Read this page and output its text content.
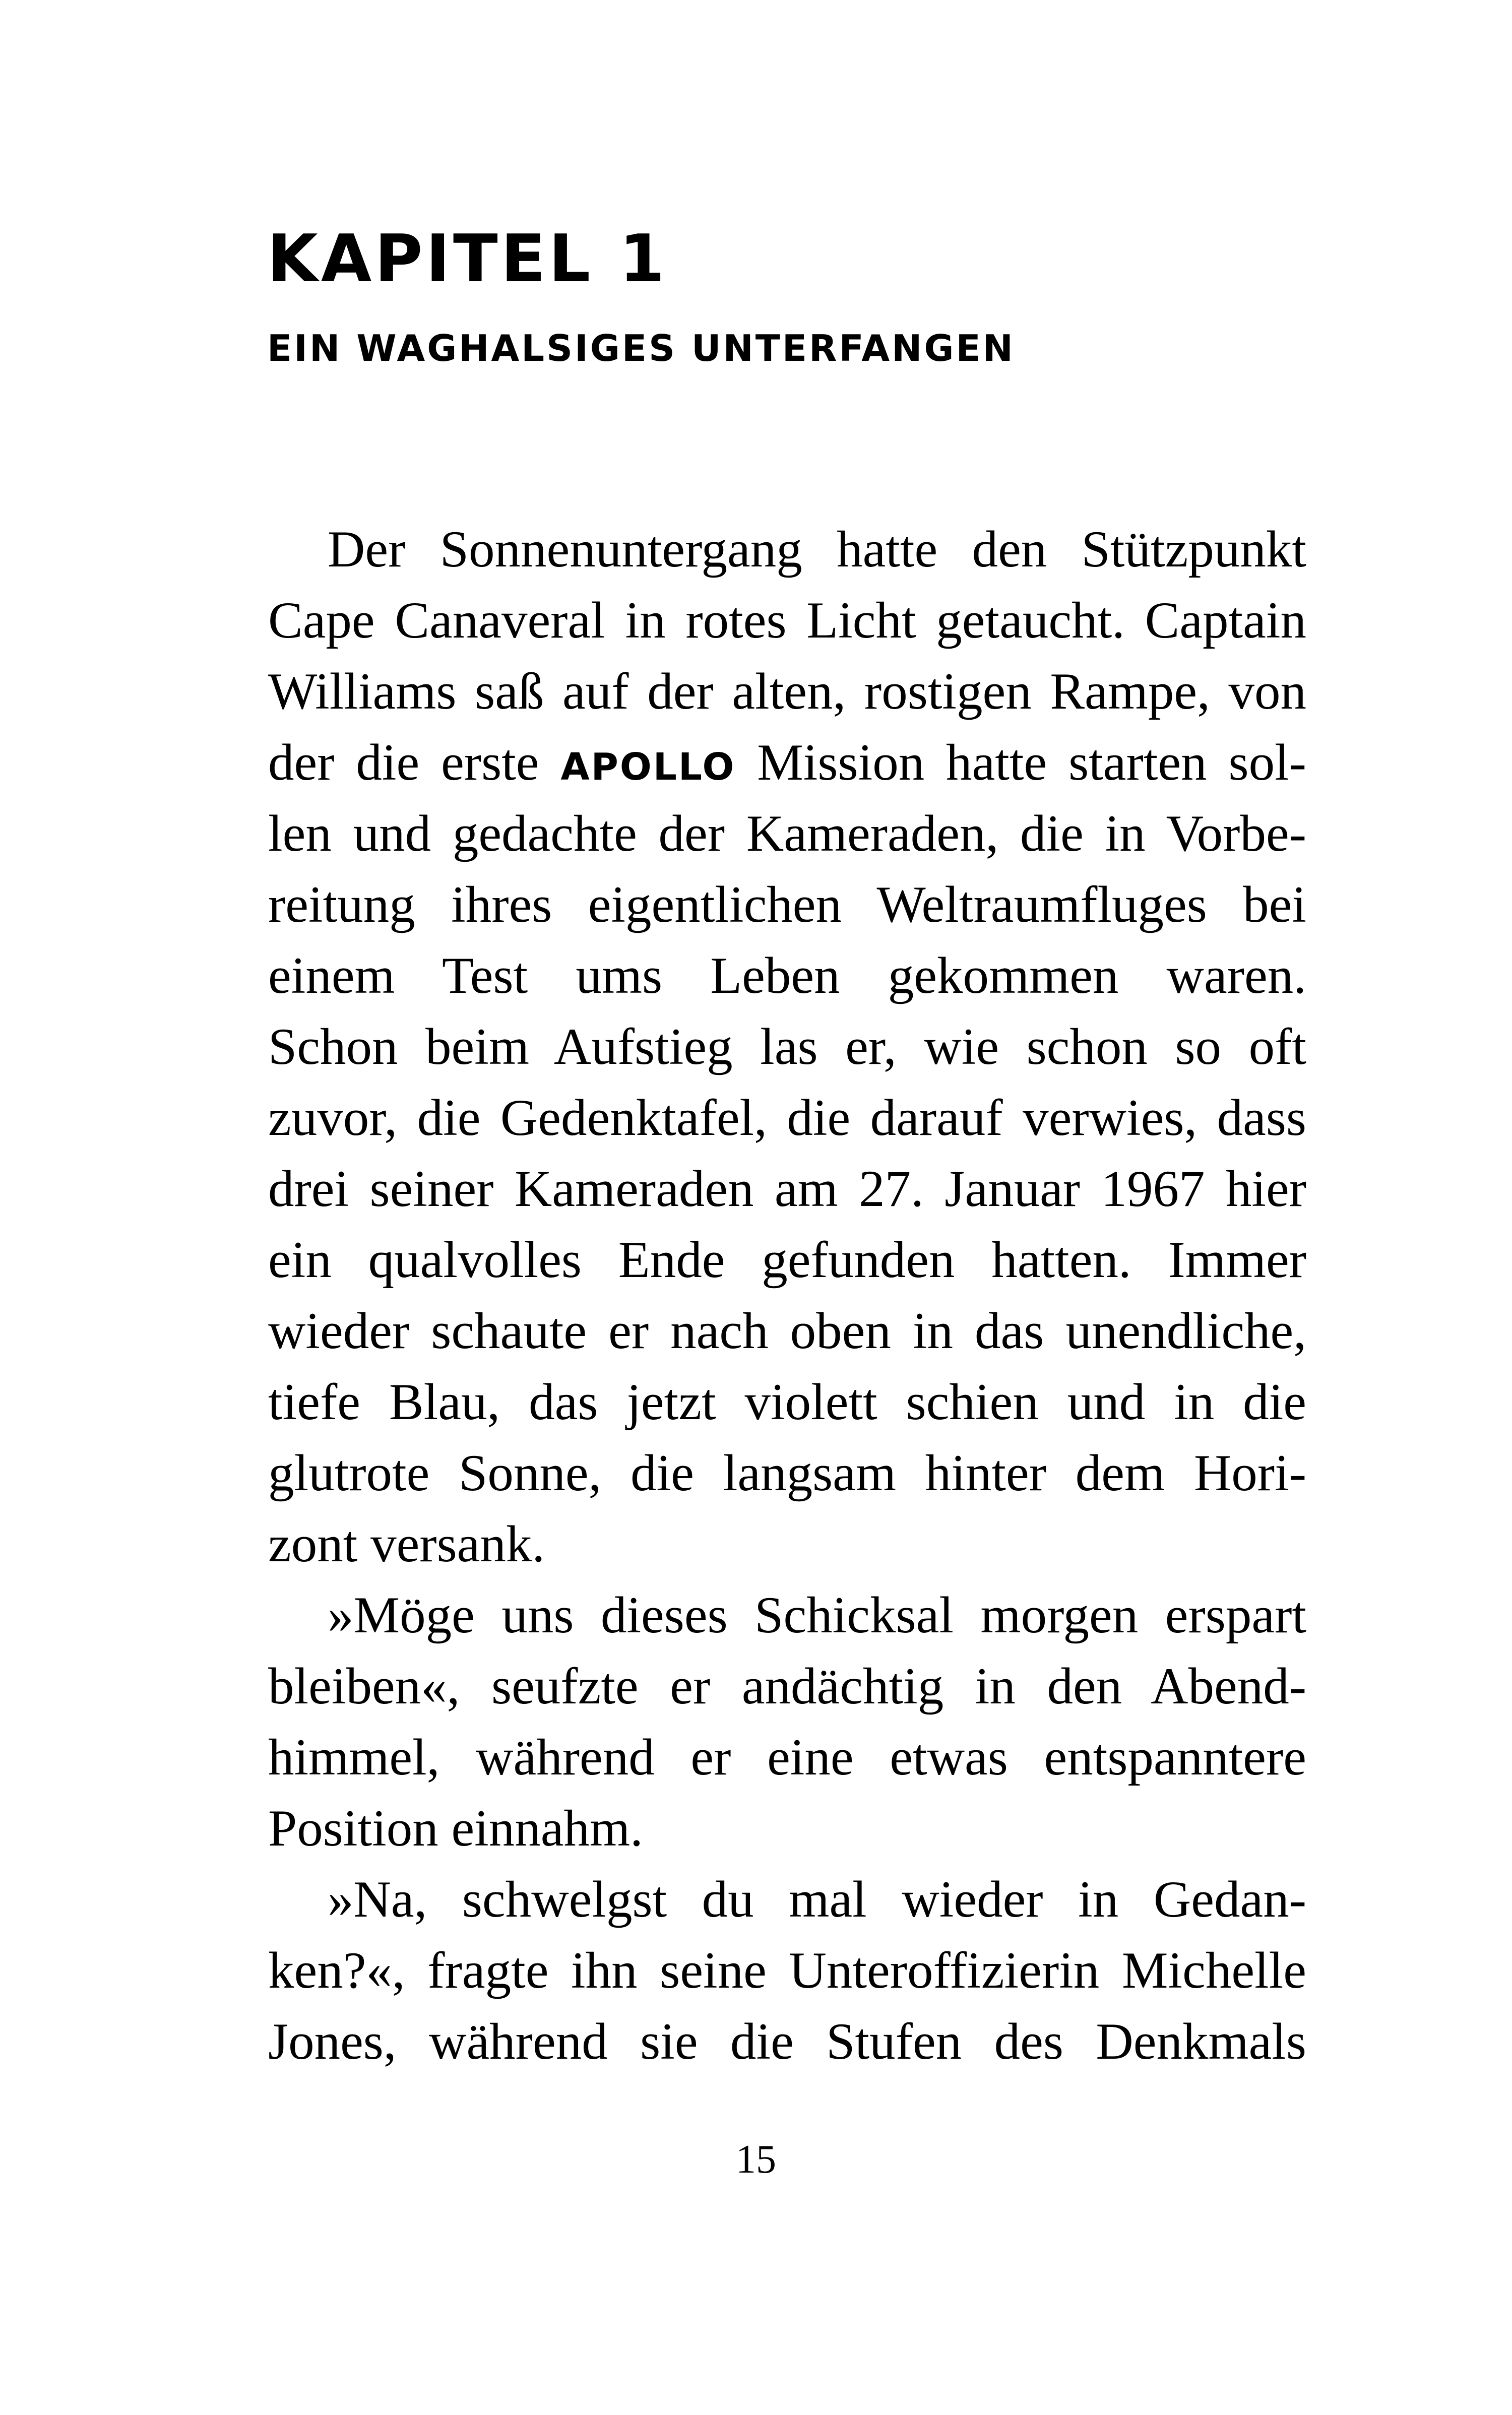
KAPITEL 1
EIN WAGHALSIGES UNTERFANGEN
Der Sonnenuntergang hatte den Stützpunkt
Cape Canaveral in rotes Licht getaucht. Captain
Williams saß auf der alten, rostigen Rampe, von
der die erste APOLLO Mission hatte starten sol-
len und gedachte der Kameraden, die in Vorbe-
reitung ihres eigentlichen Weltraumfluges bei
einem Test ums Leben gekommen waren.
Schon beim Aufstieg las er, wie schon so oft
zuvor, die Gedenktafel, die darauf verwies, dass
drei seiner Kameraden am 27. Januar 1967 hier
ein qualvolles Ende gefunden hatten. Immer
wieder schaute er nach oben in das unendliche,
tiefe Blau, das jetzt violett schien und in die
glutrote Sonne, die langsam hinter dem Hori-
zont versank.
»Möge uns dieses Schicksal morgen erspart
bleiben«, seufzte er andächtig in den Abend-
himmel, während er eine etwas entspanntere
Position einnahm.
»Na, schwelgst du mal wieder in Gedan-
ken?«, fragte ihn seine Unteroffizierin Michelle
Jones, während sie die Stufen des Denkmals
15
